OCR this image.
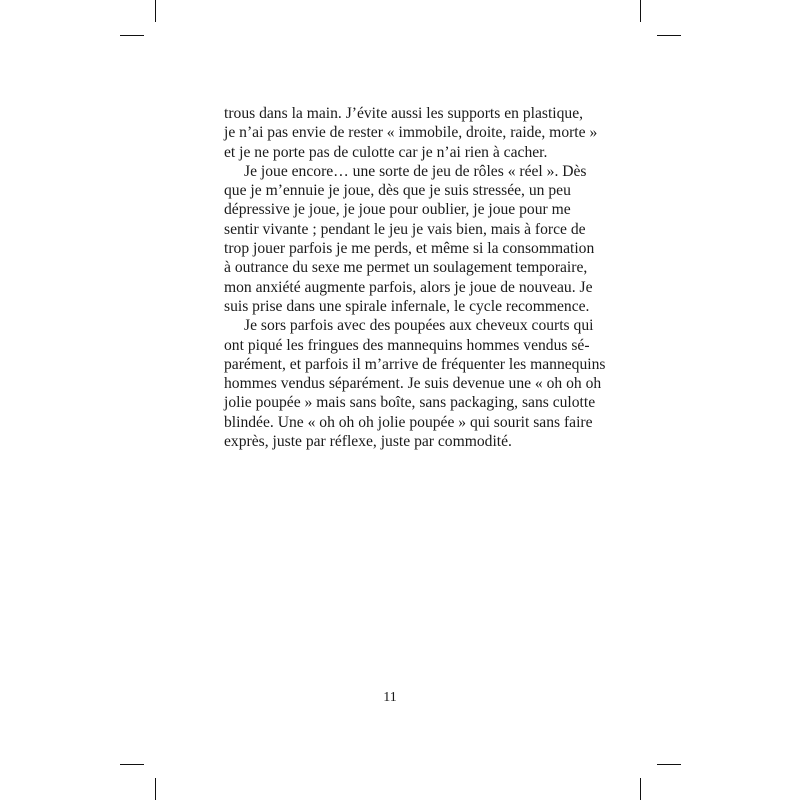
trous dans la main. J’évite aussi les supports en plastique,
je n’ai pas envie de rester « immobile, droite, raide, morte »
et je ne porte pas de culotte car je n’ai rien à cacher.
Je joue encore… une sorte de jeu de rôles « réel ». Dès
que je m’ennuie je joue, dès que je suis stressée, un peu
dépressive je joue, je joue pour oublier, je joue pour me
sentir vivante ; pendant le jeu je vais bien, mais à force de
trop jouer parfois je me perds, et même si la consommation
à outrance du sexe me permet un soulagement temporaire,
mon anxiété augmente parfois, alors je joue de nouveau. Je
suis prise dans une spirale infernale, le cycle recommence.
Je sors parfois avec des poupées aux cheveux courts qui
ont piqué les fringues des mannequins hommes vendus sé-
parément, et parfois il m’arrive de fréquenter les mannequins
hommes vendus séparément. Je suis devenue une « oh oh oh
jolie poupée » mais sans boîte, sans packaging, sans culotte
blindée. Une « oh oh oh jolie poupée » qui sourit sans faire
exprès, juste par réflexe, juste par commodité.
11
